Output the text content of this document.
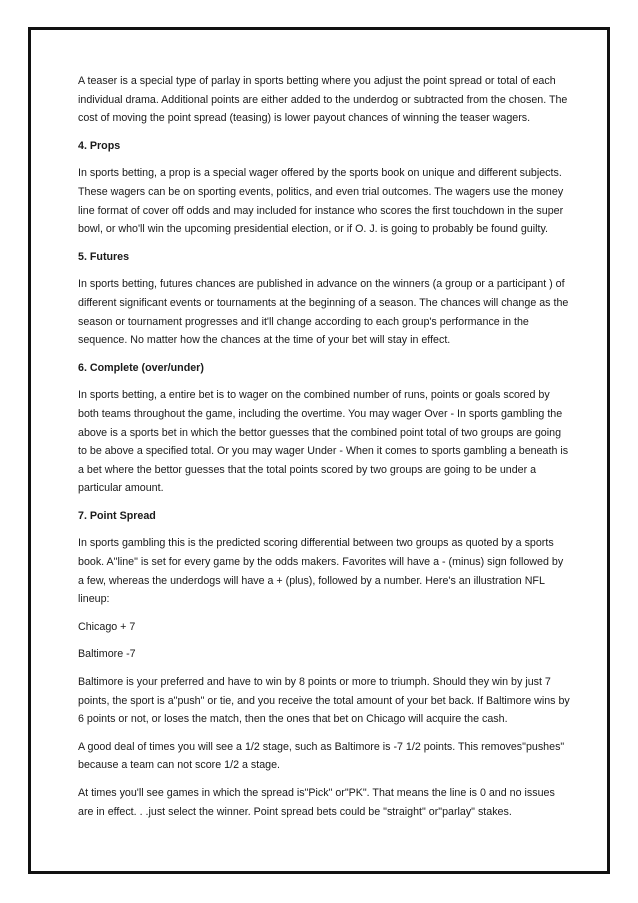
A teaser is a special type of parlay in sports betting where you adjust the point spread or total of each individual drama. Additional points are either added to the underdog or subtracted from the chosen. The cost of moving the point spread (teasing) is lower payout chances of winning the teaser wagers.

4. Props

In sports betting, a prop is a special wager offered by the sports book on unique and different subjects. These wagers can be on sporting events, politics, and even trial outcomes. The wagers use the money line format of cover off odds and may included for instance who scores the first touchdown in the super bowl, or who'll win the upcoming presidential election, or if O. J. is going to probably be found guilty.

5. Futures

In sports betting, futures chances are published in advance on the winners (a group or a participant ) of different significant events or tournaments at the beginning of a season. The chances will change as the season or tournament progresses and it'll change according to each group's performance in the sequence. No matter how the chances at the time of your bet will stay in effect.

6. Complete (over/under)

In sports betting, a entire bet is to wager on the combined number of runs, points or goals scored by both teams throughout the game, including the overtime. You may wager Over - In sports gambling the above is a sports bet in which the bettor guesses that the combined point total of two groups are going to be above a specified total. Or you may wager Under - When it comes to sports gambling a beneath is a bet where the bettor guesses that the total points scored by two groups are going to be under a particular amount.

7. Point Spread

In sports gambling this is the predicted scoring differential between two groups as quoted by a sports book. A"line" is set for every game by the odds makers. Favorites will have a - (minus) sign followed by a few, whereas the underdogs will have a + (plus), followed by a number. Here's an illustration NFL lineup:

Chicago + 7

Baltimore -7

Baltimore is your preferred and have to win by 8 points or more to triumph. Should they win by just 7 points, the sport is a"push" or tie, and you receive the total amount of your bet back. If Baltimore wins by 6 points or not, or loses the match, then the ones that bet on Chicago will acquire the cash.

A good deal of times you will see a 1/2 stage, such as Baltimore is -7 1/2 points. This removes"pushes" because a team can not score 1/2 a stage.

At times you'll see games in which the spread is"Pick" or"PK". That means the line is 0 and no issues are in effect. . .just select the winner. Point spread bets could be "straight" or"parlay" stakes.
